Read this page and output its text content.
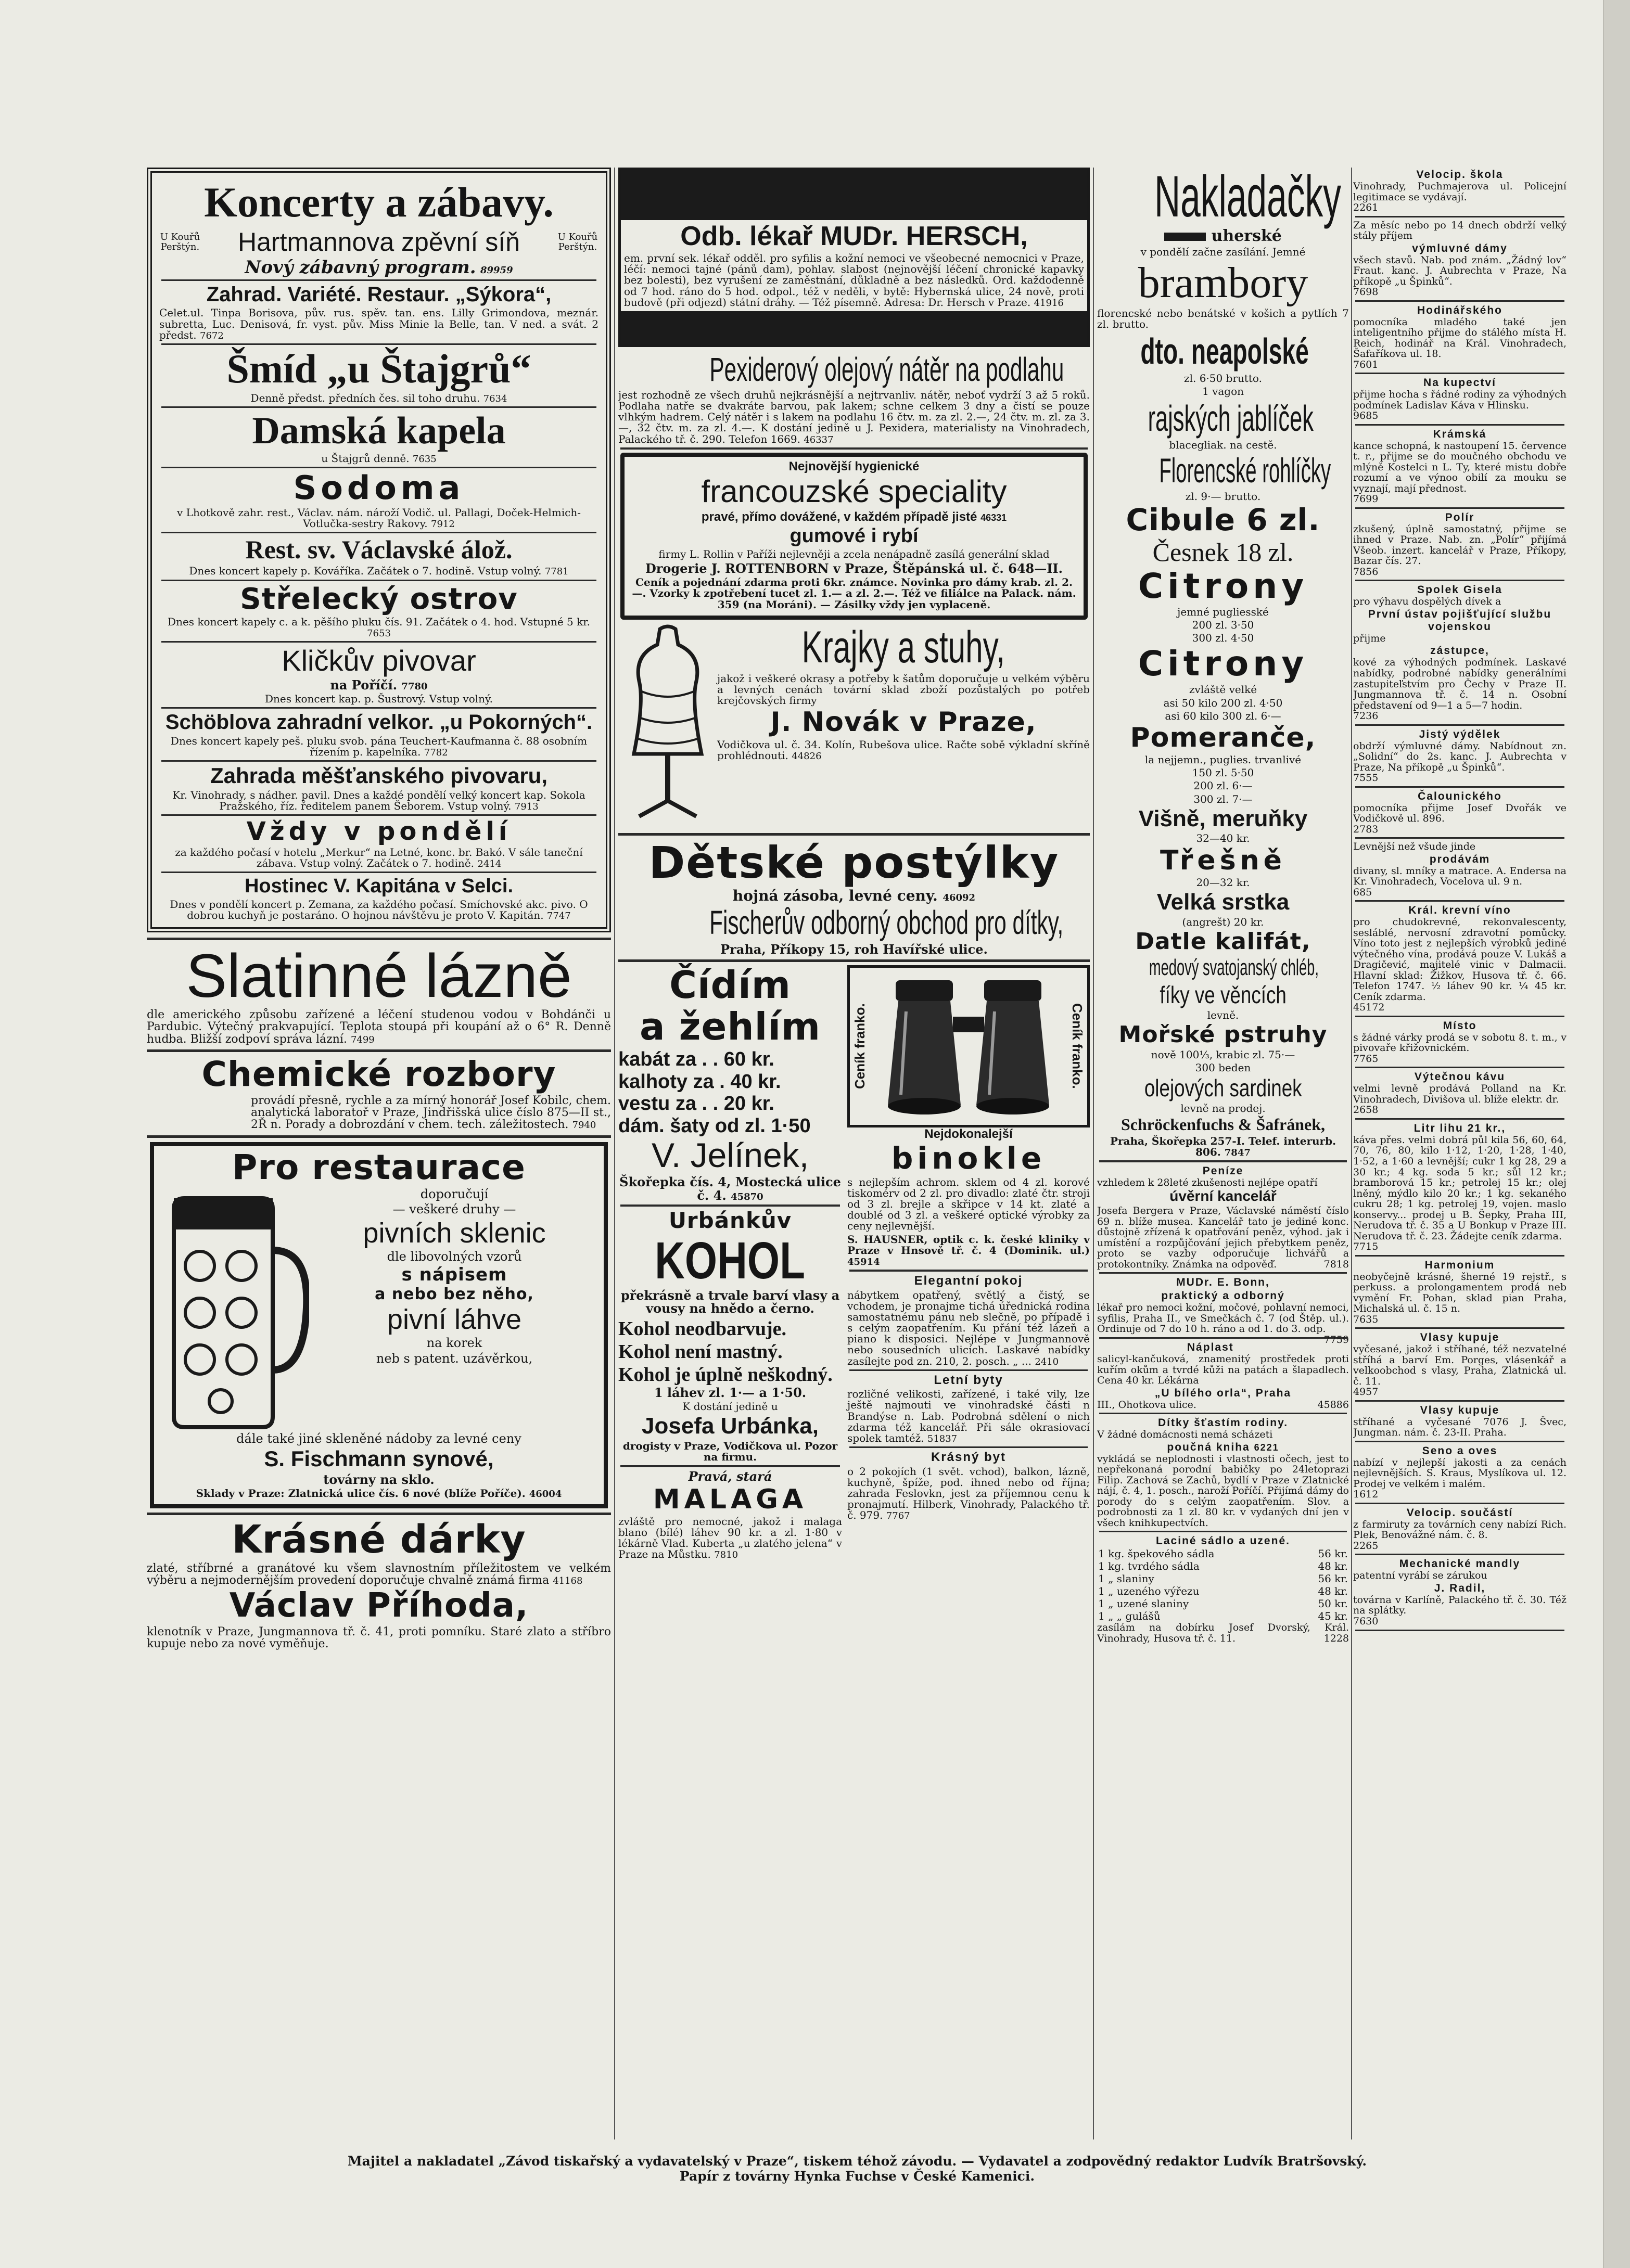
Koncerty a zábavy.
U Kouřů Perštýn. Hartmannova zpěvní síň	U Kouřů Perštýn.
Nový zábavný program. 89959
Zahrad. Variété. Restaur. „Sýkora“,
Celet.ul. Tinpa Borisova, pův. rus. spěv. tan. ens. Lilly Grimondova, meznár. subretta, Luc. Denisová, fr. vyst. pův. Miss Minie la Belle, tan. V ned. a svát. 2 předst. 7672
Šmíd „u Štajgrů“
Denně předst. předních čes. sil toho druhu. 7634
Damská kapela
u Štajgrů denně. 7635
Sodoma
v Lhotkově zahr. rest., Václav. nám. nároží Vodič. ul. Pallagi, Doček-Helmich-Votlučka-sestry Rakovy. 7912
Rest. sv. Václavské álož.
Dnes koncert kapely p. Kováříka. Začátek o 7. hodině. Vstup volný. 7781
Střelecký ostrov
Dnes koncert kapely c. a k. pěšího pluku čís. 91. Začátek o 4. hod. Vstupné 5 kr. 7653
Kličkův pivovar
na Poříčí. 7780
Dnes koncert kap. p. Šustrový. Vstup volný.
Schöblova zahradní velkor. „u Pokorných“.
Dnes koncert kapely peš. pluku svob. pána Teuchert-Kaufmanna č. 88 osobním řízením p. kapelníka. 7782
Zahrada měšťanského pivovaru,
Kr. Vinohrady, s nádher. pavil. Dnes a každé pondělí velký koncert kap. Sokola Pražského, říz. ředitelem panem Šeborem. Vstup volný. 7913
Vždy v pondělí
za každého počasí v hotelu „Merkur“ na Letné, konc. br. Bakó. V sále taneční zábava. Vstup volný. Začátek o 7. hodině. 2414
Hostinec V. Kapitána v Selci.
Dnes v pondělí koncert p. Zemana, za každého počasí. Smíchovské akc. pivo. O dobrou kuchyň je postaráno. O hojnou návštěvu je proto V. Kapitán. 7747
Slatinné lázně
dle amerického způsobu zařízené a léčení studenou vodou v Bohdánči u Pardubic. Výtečný prakvapující. Teplota stoupá při koupání až o 6° R. Denně hudba. Bližší zodpoví správa lázní. 7499
Chemické rozbory
provádí přesně, rychle a za mírný honorář Josef Kobilc, chem. analytická laboratoř v Praze, Jindřišská ulice číslo 875—II st., 2Ř n. Porady a dobrozdání v chem. tech. záležitostech. 7940
Pro restaurace
doporučují
— veškeré druhy —
pivních sklenic
dle libovolných vzorů
s nápisem
a nebo bez něho,
pivní láhve
na korek
neb s patent. uzávěrkou,
dále také jiné skleněné nádoby za levné ceny
S. Fischmann synové,
továrny na sklo.
Sklady v Praze: Zlatnická ulice čís. 6 nové (blíže Poříče). 46004
Krásné dárky
zlaté, stříbrné a granátové ku všem slavnostním příležitostem ve velkém výběru a nejmodernějším provedení doporučuje chvalně známá firma 41168
Václav Příhoda,
klenotník v Praze, Jungmannova tř. č. 41, proti pomníku. Staré zlato a stříbro kupuje nebo za nové vyměňuje.
Odb. lékař MUDr. HERSCH,
em. první sek. lékař odděl. pro syfilis a kožní nemoci ve všeobecné nemocnici v Praze, léčí: nemoci tajné (pánů dam), pohlav. slabost (nejnovější léčení chronické kapavky bez bolesti), bez vyrušení ze zaměstnání, důkladně a bez následků. Ord. každodenně od 7 hod. ráno do 5 hod. odpol., též v neděli, v bytě: Hybernská ulice, 24 nově, proti budově (při odjezd) státní dráhy. — Též písemně. Adresa: Dr. Hersch v Praze. 41916
Pexiderový olejový nátěr na podlahu
jest rozhodně ze všech druhů nejkrásnější a nejtrvanliv. nátěr, neboť vydrží 3 až 5 roků. Podlaha natře se dvakráte barvou, pak lakem; schne celkem 3 dny a čistí se pouze vlhkým hadrem. Celý nátěr i s lakem na podlahu 16 čtv. m. za zl. 2.—, 24 čtv. m. zl. za 3.—, 32 čtv. m. za zl. 4.—. K dostání jedině u J. Pexidera, materialisty na Vinohradech, Palackého tř. č. 290. Telefon 1669. 46337
Nejnovější hygienické
francouzské speciality
pravé, přímo dovážené, v každém případě jisté 46331
gumové i rybí
firmy L. Rollin v Paříži nejlevněji a zcela nenápadně zasílá generální sklad
Drogerie J. ROTTENBORN v Praze, Štěpánská ul. č. 648—II.
Ceník a pojednání zdarma proti 6kr. známce. Novinka pro dámy krab. zl. 2.—. Vzorky k zpotřebení tucet zl. 1.— a zl. 2.—. Též ve filiálce na Palack. nám. 359 (na Moráni). — Zásilky vždy jen vyplaceně.
Krajky a stuhy,
jakož i veškeré okrasy a potřeby k šatům doporučuje u velkém výběru a levných cenách tovární sklad zboží pozůstalých po potřeb krejčovských firmy
J. Novák v Praze,
Vodičkova ul. č. 34. Kolín, Rubešova ulice. Račte sobě výkladní skříně prohlédnouti. 44826
Dětské postýlky
hojná zásoba, levné ceny. 46092
Fischerův odborný obchod pro dítky,
Praha, Příkopy 15, roh Havířské ulice.
Čídím
a žehlím
kabát za . . 60 kr.
kalhoty za . 40 kr.
vestu za . . 20 kr.
dám. šaty od zl. 1·50
V. Jelínek,
Škořepka čís. 4, Mostecká ulice č. 4. 45870
Urbánkův
KOHOL
překrásně a trvale barví vlasy a vousy na hnědo a černo.
Kohol neodbarvuje.
Kohol není mastný.
Kohol je úplně neškodný.
1 láhev zl. 1·— a 1·50.
K dostání jedině u
Josefa Urbánka,
drogisty v Praze, Vodičkova ul. Pozor na firmu.
Pravá, stará
MALAGA
zvláště pro nemocné, jakož i malaga blano (bílé) láhev 90 kr. a zl. 1·80 v lékárně Vlad. Kuberta „u zlatého jelena“ v Praze na Můstku. 7810
Ceník franko.	Ceník franko.
Nejdokonalejší
binokle
s nejlepším achrom. sklem od 4 zl. korové tiskomérv od 2 zl. pro divadlo: zlaté čtr. stroji od 3 zl. brejle a skřipce v 14 kt. zlaté a doublé od 3 zl. a veškeré optické výrobky za ceny nejlevnější.
S. HAUSNER, optik c. k. české kliniky v Praze v Hnsově tř. č. 4 (Dominik. ul.) 45914
Elegantní pokoj
nábytkem opatřený, světlý a čistý, se vchodem, je pronajme tichá úřednická rodina samostatnému pánu neb slečně, po případě i s celým zaopatřením. Ku přání též lázeň a piano k disposici. Nejlépe v Jungmannově nebo sousedních ulicích. Laskavé nabídky zasílejte pod zn. 210, 2. posch. „ ... 2410
Letní byty
rozličné velikosti, zařízené, i také vily, lze ještě najmouti ve vinohradské části n Brandýse n. Lab. Podrobná sdělení o nich zdarma též kancelář. Při sále okrasiovací spolek tamtéž. 51837
Krásný byt
o 2 pokojích (1 svět. vchod), balkon, lázně, kuchyně, špíže, pod. ihned nebo od října; zahrada Feslovkn, jest za příjemnou cenu k pronajmutí. Hilberk, Vinohrady, Palackého tř. č. 979. 7767
Nakladačky
uherské
v pondělí začne zasílání. Jemné
brambory
florencské nebo benátské v košich a pytlích 7 zl. brutto.
dto. neapolské
zl. 6·50 brutto.
1 vagon
rajských jablíček
blacegliak. na cestě.
Florencské rohlíčky
zl. 9·— brutto.
Cibule 6 zl.
Česnek 18 zl.
Citrony
jemné pugliesské
200 zl. 3·50
300 zl. 4·50
Citrony
zvláště velké
asi 50 kilo 200 zl. 4·50
asi 60 kilo 300 zl. 6·—
Pomeranče,
la nejjemn., puglies. trvanlivé
150 zl. 5·50
200 zl. 6·—
300 zl. 7·—
Višně, meruňky
32—40 kr.
Třešně
20—32 kr.
Velká srstka
(angrešt) 20 kr.
Datle kalifát,
medový svatojanský chléb,
fíky ve věncích
levně.
Mořské pstruhy
nově 100⅓, krabic zl. 75·—
300 beden
olejových sardinek
levně na prodej.
Schröckenfuchs & Šafránek,
Praha, Škořepka 257-I. Telef. interurb. 806. 7847
Peníze
vzhledem k 28leté zkušenosti nejlépe opatří
úvěrní kancelář
Josefa Bergera v Praze, Václavské náměstí číslo 69 n. blíže musea. Kancelář tato je jediné konc. důstojně zřízená k opatřování peněz, výhod. jak i umístění a rozpůjčování jejich přebytkem peněz, proto se vazby odporučuje lichvářů a protokontníky. Známka na odpověď.	7818
MUDr. E. Bonn,
praktický a odborný
lékař pro nemoci kožní, močové, pohlavní nemoci, syfilis, Praha II., ve Smečkách č. 7 (od Štěp. ul.). Ordinuje od 7 do 10 h. ráno a od 1. do 3. odp.
7759
Náplast
salicyl-kančuková, znamenitý prostředek proti kuřím okům a tvrdé kůži na patách a šlapadlech. Cena 40 kr. Lékárna
„U bílého orla“, Praha
III., Ohotkova ulice.	45886
Dítky šťastím rodiny.
V žádné domácnosti nemá scházeti
poučná kniha 6221
vykládá se neplodnosti i vlastnosti očech, jest to nepřekonaná porodní babičky po 24letoprazi Filip. Zachová se Zachů, bydlí v Praze v Zlatnické nájí, č. 4, 1. posch., naroží Poříčí. Přijímá dámy do porody do s celým zaopatřením. Slov. a podrobnosti za 1 zl. 80 kr. v vydaných dní jen v všech knihkupectvích.
Laciné sádlo a uzené.
1 kg. špekového sádla	56 kr.
1 kg. tvrdého sádla	48 kr.
1 „ slaniny	56 kr.
1 „ uzeného výřezu	48 kr.
1 „ uzené slaniny	50 kr.
1 „ „ gulášů	45 kr.
zasílám na dobírku Josef Dvorský, Král. Vinohrady, Husova tř. č. 11.	1228
Velocip. škola
Vinohrady, Puchmajerova ul. Policejní legitimace se vydávají.
2261
Za měsíc nebo po 14 dnech obdrží velký stály příjem
výmluvné dámy
všech stavů. Nab. pod znám. „Žádný lov“ Fraut. kanc. J. Aubrechta v Praze, Na příkopě „u Špinků“.
7698
Hodinářského
pomocníka mladého také jen inteligentního přijme do stálého místa H. Reich, hodinář na Král. Vinohradech, Šafaříkova ul. 18.
7601
Na kupectví
přijme hocha s řádné rodiny za výhodných podmínek Ladislav Káva v Hlinsku.
9685
Krámská
kance schopná, k nastoupení 15. července t. r., přijme se do moučného obchodu ve mlýně Kostelci n L. Ty, které mistu dobře rozumí a ve výnoo obilí za mouku se vyznají, mají přednost.
7699
Polír
zkušený, úplně samostatný, přijme se ihned v Praze. Nab. zn. „Polír“ přijímá Všeob. inzert. kancelář v Praze, Příkopy, Bazar čís. 27.
7856
Spolek Gisela
pro výhavu dospělých dívek a
První ústav pojišťující službu vojenskou
přijme
zástupce,
kové za výhodných podmínek. Laskavé nabídky, podrobné nabídky generálními zastupiteľstvím pro Čechy v Praze II. Jungmannova tř. č. 14 n. Osobní představení od 9—1 a 5—7 hodin.
7236
Jistý výdělek
obdrží výmluvné dámy. Nabídnout zn. „Solidní“ do 2s. kanc. J. Aubrechta v Praze, Na příkopě „u Špinků“.
7555
Čalounického
pomocníka přijme Josef Dvořák ve Vodičkově ul. 896.
2783
Levnější než všude jinde
prodávám
divany, sl. mníky a matrace. A. Endersa na Kr. Vinohradech, Vocelova ul. 9 n.
685
Král. krevní víno
pro chudokrevné, rekonvalescenty, sesláblé, nervosní zdravotní pomůcky. Víno toto jest z nejlepších výrobků jediné výtečného vína, prodává pouze V. Lukáš a Dragičević, majitelé vinic v Dalmacii. Hlavní sklad: Žižkov, Husova tř. č. 66. Telefon 1747. ½ láhev 90 kr. ¼ 45 kr. Ceník zdarma.
45172
Místo
s žádné várky prodá se v sobotu 8. t. m., v pivovaře křižovnickém.
7765
Výtečnou kávu
velmi levně prodává Polland na Kr. Vinohradech, Divišova ul. blíže elektr. dr.
2658
Litr lihu 21 kr.,
káva přes. velmi dobrá půl kila 56, 60, 64, 70, 76, 80, kilo 1·12, 1·20, 1·28, 1·40, 1·52, a 1·60 a levnější; cukr 1 kg 28, 29 a 30 kr.; 4 kg. soda 5 kr.; sůl 12 kr.; bramborová 15 kr.; petrolej 15 kr.; olej lněný, mýdlo kilo 20 kr.; 1 kg. sekaného cukru 28; 1 kg. petrolej 19, vojen. maslo konservy... prodej u B. Šepky, Praha III, Nerudova tř. č. 35 a U Bonkup v Praze III. Nerudova tř. č. 23. Žádejte ceník zdarma.
7715
Harmonium
neobyčejně krásné, šherné 19 rejstř., s perkuss. a prolongamentem prodá neb vymění Fr. Pohan, sklad pian Praha, Michalská ul. č. 15 n.
7635
Vlasy kupuje
vyčesané, jakož i stříhané, též nezvatelné stříhá a barví Em. Porges, vlásenkář a velkoobchod s vlasy, Praha, Zlatnická ul. č. 11.
4957
Vlasy kupuje
stříhané a vyčesané 7076 J. Švec, Jungman. nám. č. 23-II. Praha.
Seno a oves
nabízí v nejlepší jakosti a za cenách nejlevnějších. S. Kraus, Myslíkova ul. 12. Prodej ve velkém i malém.
1612
Velocip. součástí
z farmiruty za továrních ceny nabízí Rich. Plek, Benovážné nám. č. 8.
2265
Mechanické mandly
patentní vyrábí se zárukou
J. Radil,
továrna v Karlíně, Palackého tř. č. 30. Též na splátky.
7630
Majitel a nakladatel „Závod tiskařský a vydavatelský v Praze“, tiskem téhož závodu. — Vydavatel a zodpovědný redaktor Ludvík Bratršovský.
Papír z továrny Hynka Fuchse v České Kamenici.
